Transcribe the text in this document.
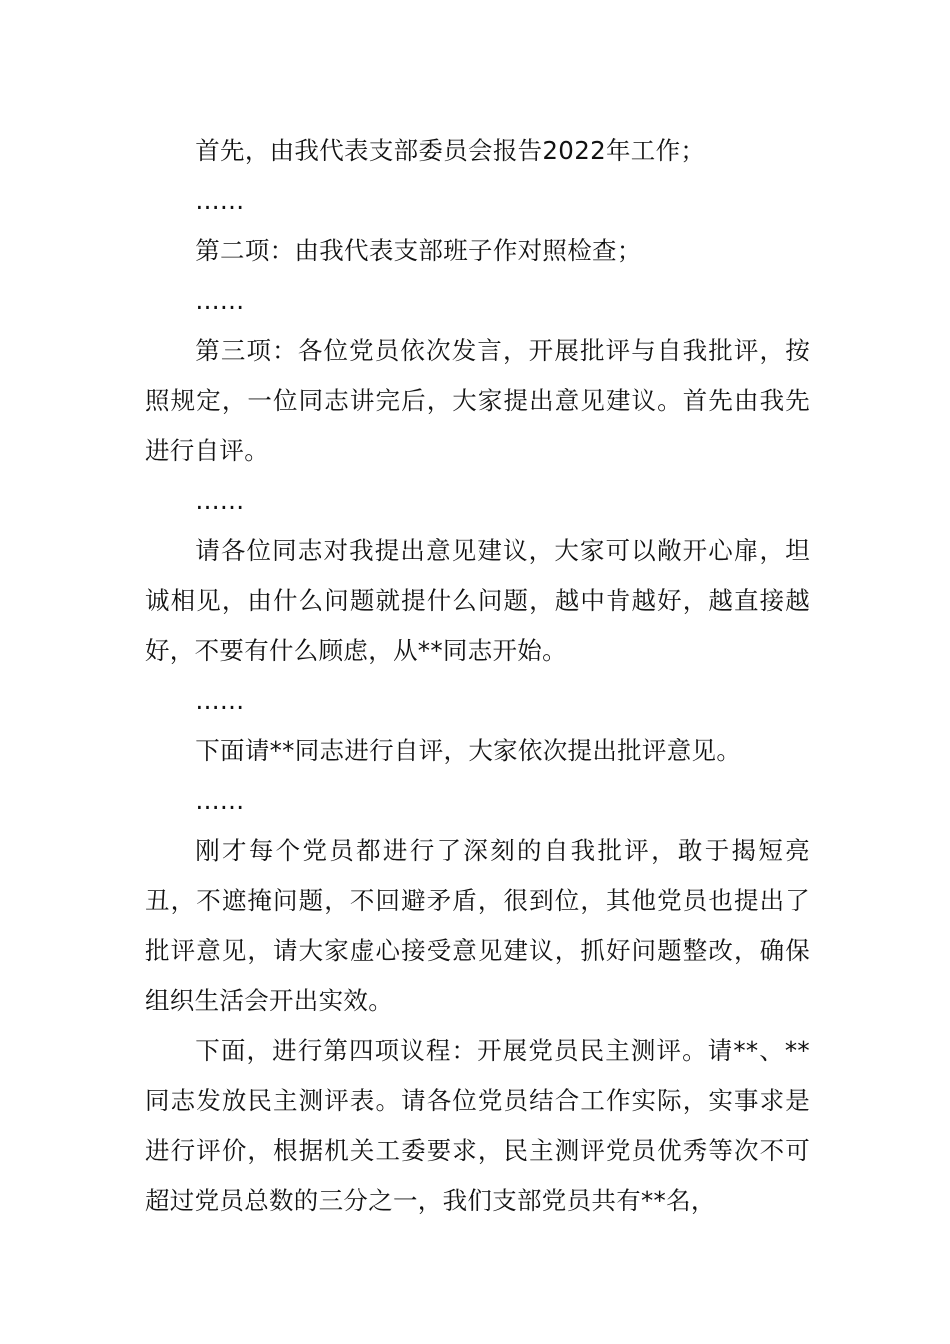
首先，由我代表支部委员会报告2022年工作；

……

第二项：由我代表支部班子作对照检查；

……

第三项：各位党员依次发言，开展批评与自我批评，按照规定，一位同志讲完后，大家提出意见建议。首先由我先进行自评。

……

请各位同志对我提出意见建议，大家可以敞开心扉，坦诚相见，由什么问题就提什么问题，越中肯越好，越直接越好，不要有什么顾虑，从**同志开始。

……

下面请**同志进行自评，大家依次提出批评意见。

……

刚才每个党员都进行了深刻的自我批评，敢于揭短亮丑，不遮掩问题，不回避矛盾，很到位，其他党员也提出了批评意见，请大家虚心接受意见建议，抓好问题整改，确保组织生活会开出实效。

下面，进行第四项议程：开展党员民主测评。请**、**同志发放民主测评表。请各位党员结合工作实际，实事求是进行评价，根据机关工委要求，民主测评党员优秀等次不可超过党员总数的三分之一，我们支部党员共有**名，
